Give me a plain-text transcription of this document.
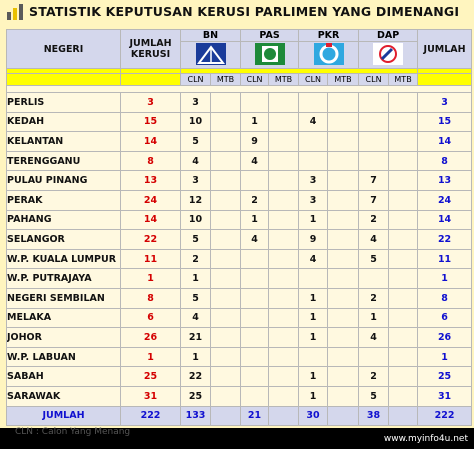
STATISTIK KEPUTUSAN KERUSI PARLIMEN YANG DIMENANGI
NEGERI	JUMLAH KERUSI	BN		PAS		PKR		DAP		JUMLAH

		CLN	MTB	CLN	MTB	CLN	MTB	CLN	MTB	

PERLIS	3	3								3
KEDAH	15	10		1		4				15
KELANTAN	14	5		9						14
TERENGGANU	8	4		4						8
PULAU PINANG	13	3				3		7		13
PERAK	24	12		2		3		7		24
PAHANG	14	10		1		1		2		14
SELANGOR	22	5		4		9		4		22
W.P. KUALA LUMPUR	11	2				4		5		11
W.P. PUTRAJAYA	1	1								1
NEGERI SEMBILAN	8	5				1		2		8
MELAKA	6	4				1		1		6
JOHOR	26	21				1		4		26
W.P. LABUAN	1	1								1
SABAH	25	22				1		2		25
SARAWAK	31	25				1		5		31
JUMLAH	222	133		21		30		38		222
CLN : Calon Yang Menang
www.myinfo4u.net
